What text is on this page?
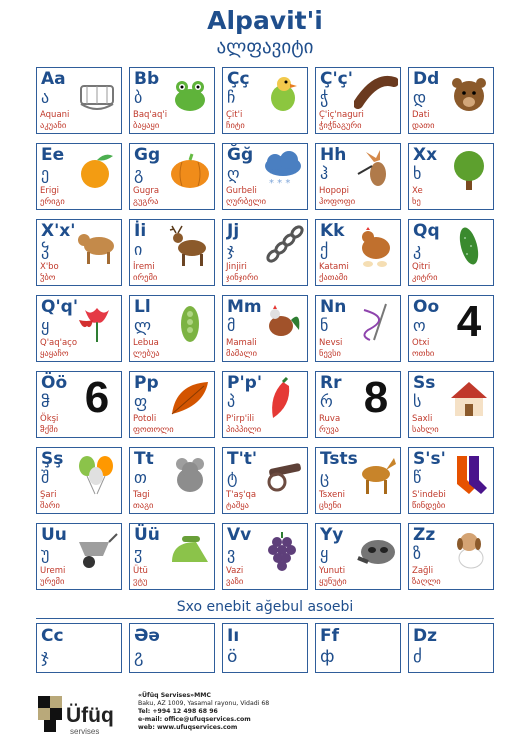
Alpavit'i
ალფავიტი
Aa
ა
Aquani
აკუანი
Bb
ბ
Baq'aq'i
ბაყაყი
Çç
ჩ
Çit'i
ჩიტი
Ç'ç'
ჭ
Ç'iç'naguri
ჭიჭნაგური
Dd
დ
Dati
დათი
Ee
ე
Erigi
ერიგი
Gg
გ
Gugra
გუგრა
Ğğ
ღ
Gurbeli
ღურბელი
* * *
Hh
ჰ
Hopopi
ჰოფოფი
Xx
ხ
Xe
ხე
X'x'
ჴ
X'bo
ჴბო
İi
ი
İremi
ირემი
Jj
ჯ
Jinjiri
ჯინჯირი
Kk
ქ
Katami
ქათამი
Qq
კ
Qitri
კიტრი
Q'q'
ყ
Q'aq'aço
ყაყაჩო
Ll
ლ
Lebua
ლებუა
Mm
მ
Mamali
მამალი
Nn
ნ
Nevsi
ნევსი
Oo
ო
Otxi
ოთხი
4
Öö
ჵ
Ökşi
ჵქში
6 Pp
ფ
Potoli
ფოთოლი
P'p'
პ
P'irp'ili
პიპპილი
Rr
რ
Ruva
რუვა
8 Ss
ს
Saxli
სახლი
Şş
შ
Şari
შარი
Tt
თ
Tagi
თაგი
T't'
ტ
T'aş'qa
ტაშყა
Tsts
ც
Tsxeni
ცხენი
S's'
წ
S'indebi
წინდები
Uu
უ
Uremi
ურემი
Üü
ჳ
Ütü
ჳტუ
Vv
ვ
Vazi
ვაზი
Yy
ყ
Yunuti
ყუნუტი
Zz
ზ
Zağli
ზაღლი
Sxo enebit ağebul asoebi
Cc
ჯ
Əə
ჷ
Iı
ӧ
Ff
ф
Dz
ძ
Üfüq
servises
«Üfüq Servises»MMC
Baku, AZ 1009, Yasamal rayonu, Vidadi 68
Tel: +994 12 498 68 96
e-mail: office@ufuqservices.com
web: www.ufuqservices.com
